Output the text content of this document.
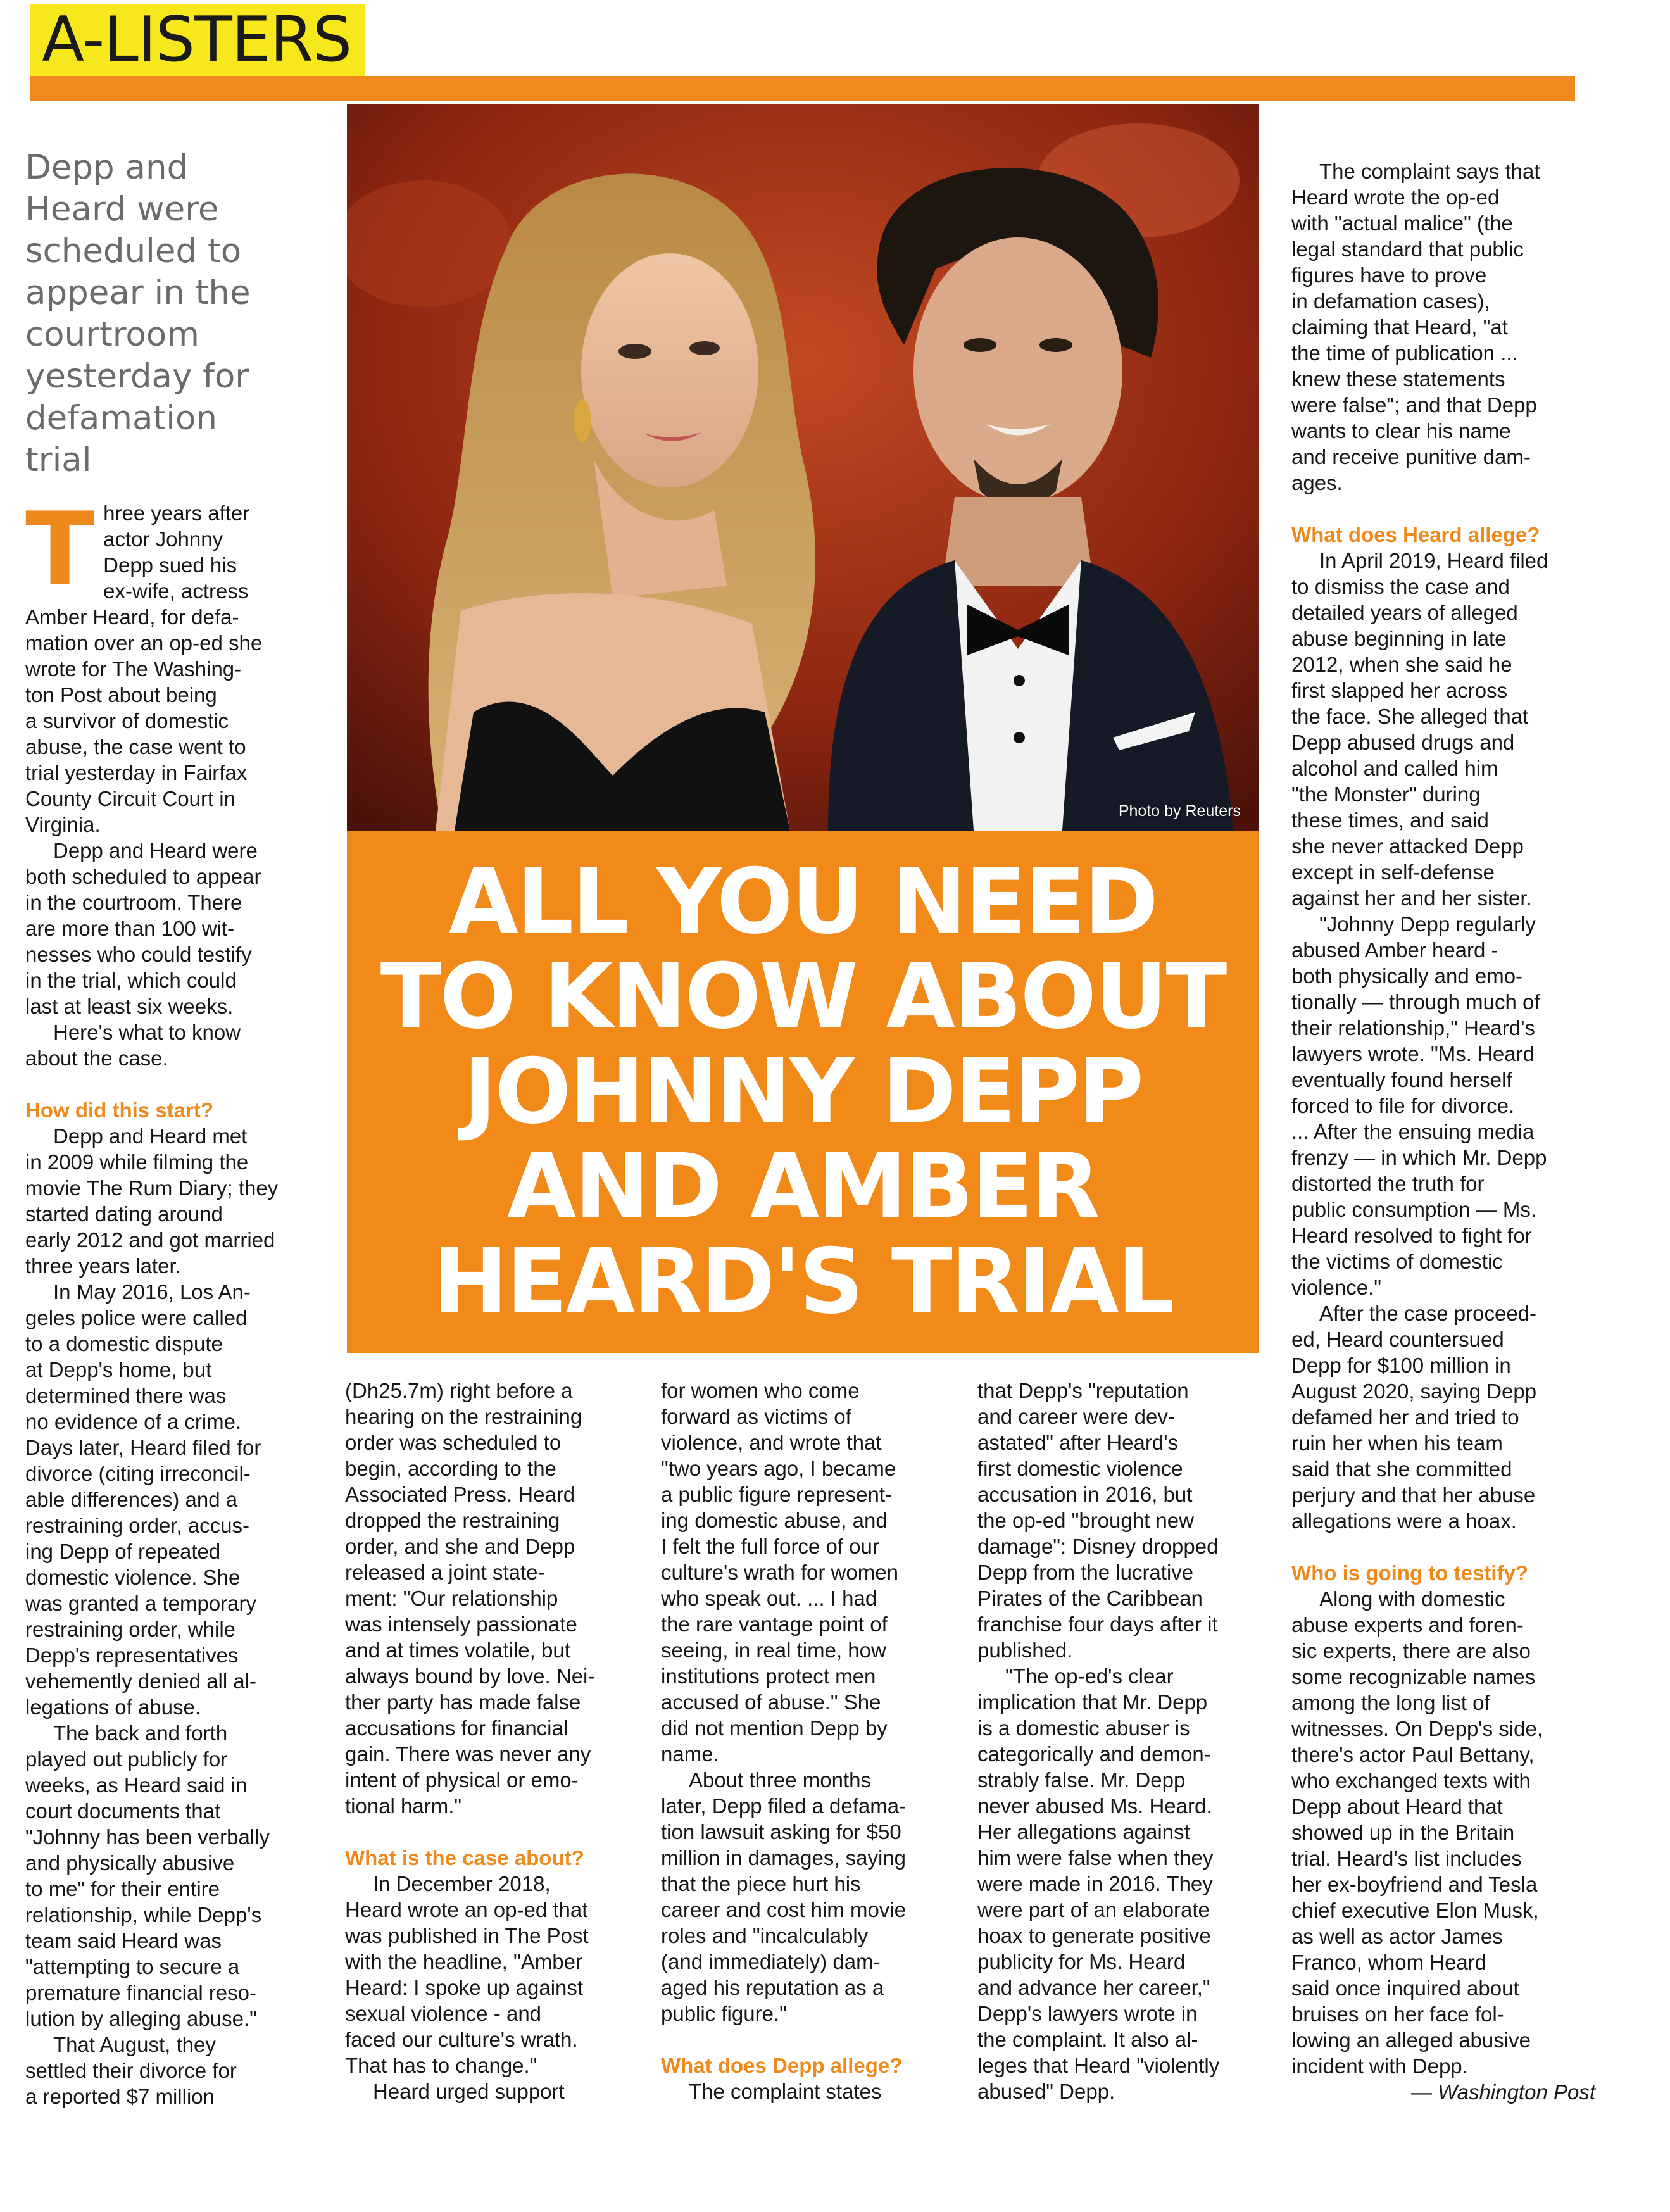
A-LISTERS
Photo by Reuters
ALL YOU NEED
TO KNOW ABOUT
JOHNNY DEPP
AND AMBER
HEARD'S TRIAL
Depp and
Heard were
scheduled to
appear in the
courtroom
yesterday for
defamation
trial
T hree years after
actor Johnny
Depp sued his
ex-wife, actress
Amber Heard, for defa-
mation over an op-ed she
wrote for The Washing-
ton Post about being
a survivor of domestic
abuse, the case went to
trial yesterday in Fairfax
County Circuit Court in
Virginia.

Depp and Heard were
both scheduled to appear
in the courtroom. There
are more than 100 wit-
nesses who could testify
in the trial, which could
last at least six weeks.

Here's what to know
about the case.

How did this start?

Depp and Heard met
in 2009 while filming the
movie The Rum Diary; they
started dating around
early 2012 and got married
three years later.

In May 2016, Los An-
geles police were called
to a domestic dispute
at Depp's home, but
determined there was
no evidence of a crime.
Days later, Heard filed for
divorce (citing irreconcil-
able differences) and a
restraining order, accus-
ing Depp of repeated
domestic violence. She
was granted a temporary
restraining order, while
Depp's representatives
vehemently denied all al-
legations of abuse.

The back and forth
played out publicly for
weeks, as Heard said in
court documents that
"Johnny has been verbally
and physically abusive
to me" for their entire
relationship, while Depp's
team said Heard was
"attempting to secure a
premature financial reso-
lution by alleging abuse."

That August, they
settled their divorce for
a reported $7 million

(Dh25.7m) right before a
hearing on the restraining
order was scheduled to
begin, according to the
Associated Press. Heard
dropped the restraining
order, and she and Depp
released a joint state-
ment: "Our relationship
was intensely passionate
and at times volatile, but
always bound by love. Nei-
ther party has made false
accusations for financial
gain. There was never any
intent of physical or emo-
tional harm."

What is the case about?

In December 2018,
Heard wrote an op-ed that
was published in The Post
with the headline, "Amber
Heard: I spoke up against
sexual violence - and
faced our culture's wrath.
That has to change."

Heard urged support

for women who come
forward as victims of
violence, and wrote that
"two years ago, I became
a public figure represent-
ing domestic abuse, and
I felt the full force of our
culture's wrath for women
who speak out. ... I had
the rare vantage point of
seeing, in real time, how
institutions protect men
accused of abuse." She
did not mention Depp by
name.

About three months
later, Depp filed a defama-
tion lawsuit asking for $50
million in damages, saying
that the piece hurt his
career and cost him movie
roles and "incalculably
(and immediately) dam-
aged his reputation as a
public figure."

What does Depp allege?

The complaint states

that Depp's "reputation
and career were dev-
astated" after Heard's
first domestic violence
accusation in 2016, but
the op-ed "brought new
damage": Disney dropped
Depp from the lucrative
Pirates of the Caribbean
franchise four days after it
published.

"The op-ed's clear
implication that Mr. Depp
is a domestic abuser is
categorically and demon-
strably false. Mr. Depp
never abused Ms. Heard.
Her allegations against
him were false when they
were made in 2016. They
were part of an elaborate
hoax to generate positive
publicity for Ms. Heard
and advance her career,"
Depp's lawyers wrote in
the complaint. It also al-
leges that Heard "violently
abused" Depp.

The complaint says that
Heard wrote the op-ed
with "actual malice" (the
legal standard that public
figures have to prove
in defamation cases),
claiming that Heard, "at
the time of publication ...
knew these statements
were false"; and that Depp
wants to clear his name
and receive punitive dam-
ages.

What does Heard allege?

In April 2019, Heard filed
to dismiss the case and
detailed years of alleged
abuse beginning in late
2012, when she said he
first slapped her across
the face. She alleged that
Depp abused drugs and
alcohol and called him
"the Monster" during
these times, and said
she never attacked Depp
except in self-defense
against her and her sister.

"Johnny Depp regularly
abused Amber heard -
both physically and emo-
tionally — through much of
their relationship," Heard's
lawyers wrote. "Ms. Heard
eventually found herself
forced to file for divorce.
... After the ensuing media
frenzy — in which Mr. Depp
distorted the truth for
public consumption — Ms.
Heard resolved to fight for
the victims of domestic
violence."

After the case proceed-
ed, Heard countersued
Depp for $100 million in
August 2020, saying Depp
defamed her and tried to
ruin her when his team
said that she committed
perjury and that her abuse
allegations were a hoax.

Who is going to testify?

Along with domestic
abuse experts and foren-
sic experts, there are also
some recognizable names
among the long list of
witnesses. On Depp's side,
there's actor Paul Bettany,
who exchanged texts with
Depp about Heard that
showed up in the Britain
trial. Heard's list includes
her ex-boyfriend and Tesla
chief executive Elon Musk,
as well as actor James
Franco, whom Heard
said once inquired about
bruises on her face fol-
lowing an alleged abusive
incident with Depp.

— Washington Post
